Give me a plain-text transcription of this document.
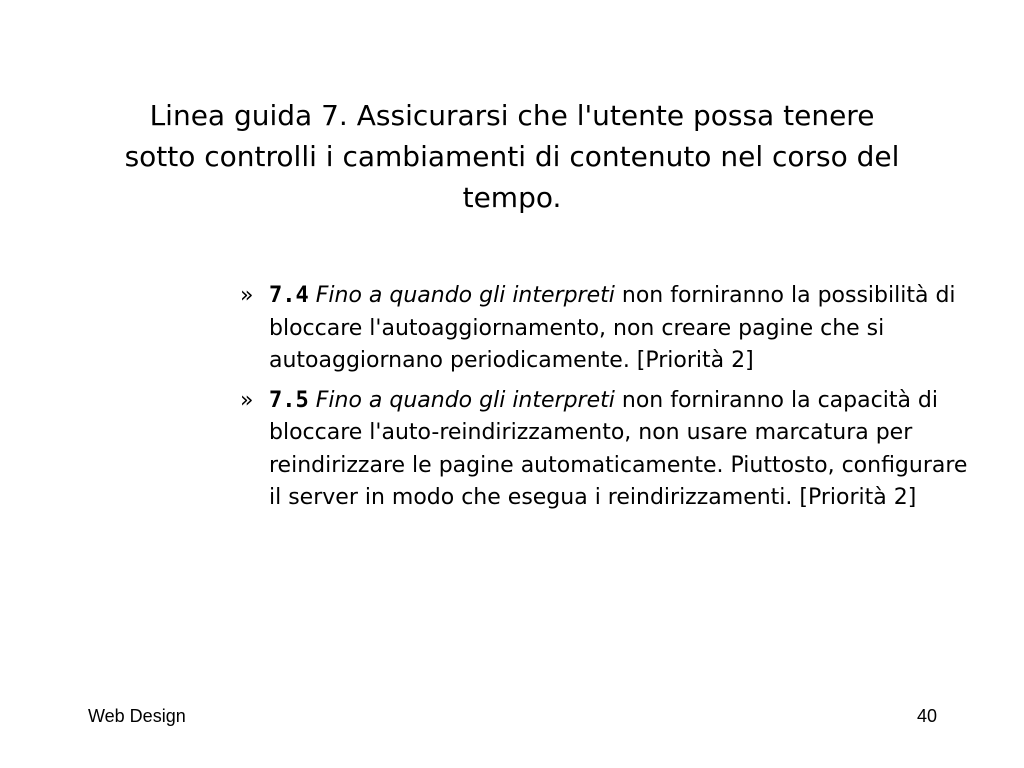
Linea guida 7. Assicurarsi che l'utente possa tenere
sotto controlli i cambiamenti di contenuto nel corso del
tempo.
» 7.4 Fino a quando gli interpreti non forniranno la possibilità di bloccare l'autoaggiornamento, non creare pagine che si autoaggiornano periodicamente. [Priorità 2]
» 7.5 Fino a quando gli interpreti non forniranno la capacità di bloccare l'auto-reindirizzamento, non usare marcatura per reindirizzare le pagine automaticamente. Piuttosto, configurare il server in modo che esegua i reindirizzamenti. [Priorità 2]
Web Design	40
